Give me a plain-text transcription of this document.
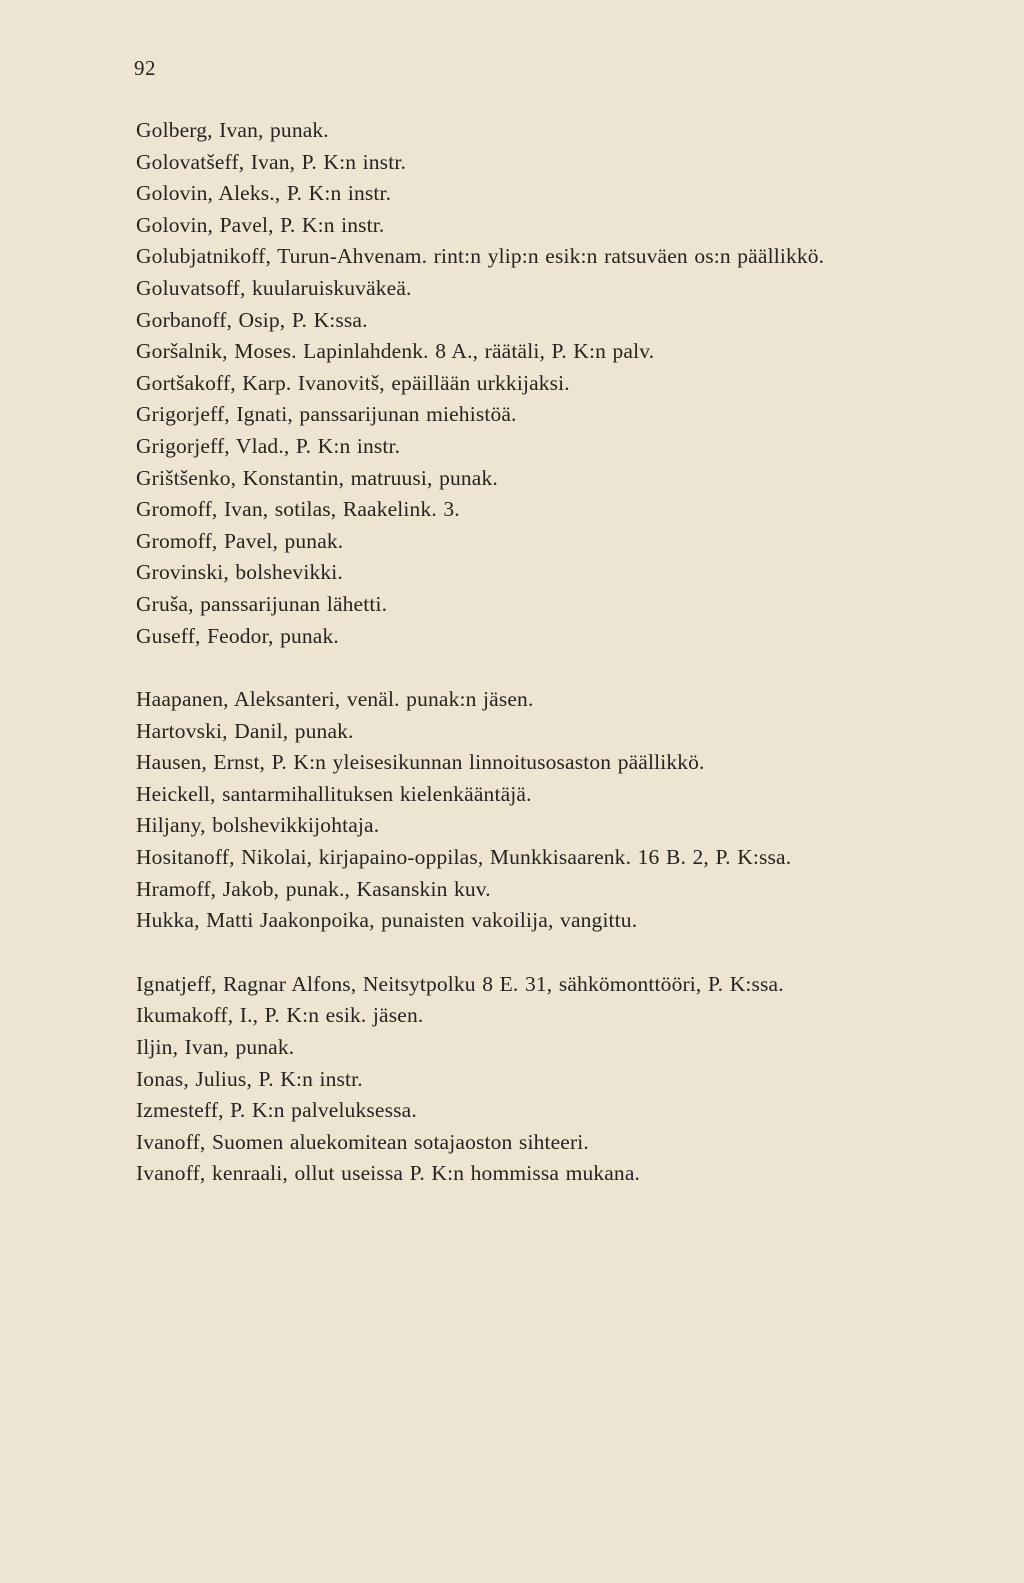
92
Golberg, Ivan, punak.
Golovatšeff, Ivan, P. K:n instr.
Golovin, Aleks., P. K:n instr.
Golovin, Pavel, P. K:n instr.
Golubjatnikoff, Turun-Ahvenam. rint:n ylip:n esik:n ratsuväen os:n päällikkö.
Goluvatsoff, kuularuiskuväkeä.
Gorbanoff, Osip, P. K:ssa.
Goršalnik, Moses. Lapinlahdenk. 8 A., räätäli, P. K:n palv.
Gortšakoff, Karp. Ivanovitš, epäillään urkkijaksi.
Grigorjeff, Ignati, panssarijunan miehistöä.
Grigorjeff, Vlad., P. K:n instr.
Grištšenko, Konstantin, matruusi, punak.
Gromoff, Ivan, sotilas, Raakelink. 3.
Gromoff, Pavel, punak.
Grovinski, bolshevikki.
Gruša, panssarijunan lähetti.
Guseff, Feodor, punak.
Haapanen, Aleksanteri, venäl. punak:n jäsen.
Hartovski, Danil, punak.
Hausen, Ernst, P. K:n yleisesikunnan linnoitusosaston päällikkö.
Heickell, santarmihallituksen kielenkääntäjä.
Hiljany, bolshevikkijohtaja.
Hositanoff, Nikolai, kirjapaino-oppilas, Munkkisaarenk. 16 B. 2, P. K:ssa.
Hramoff, Jakob, punak., Kasanskin kuv.
Hukka, Matti Jaakonpoika, punaisten vakoilija, vangittu.
Ignatjeff, Ragnar Alfons, Neitsytpolku 8 E. 31, sähkömonttööri, P. K:ssa.
Ikumakoff, I., P. K:n esik. jäsen.
Iljin, Ivan, punak.
Ionas, Julius, P. K:n instr.
Izmesteff, P. K:n palveluksessa.
Ivanoff, Suomen aluekomitean sotajaoston sihteeri.
Ivanoff, kenraali, ollut useissa P. K:n hommissa mukana.
